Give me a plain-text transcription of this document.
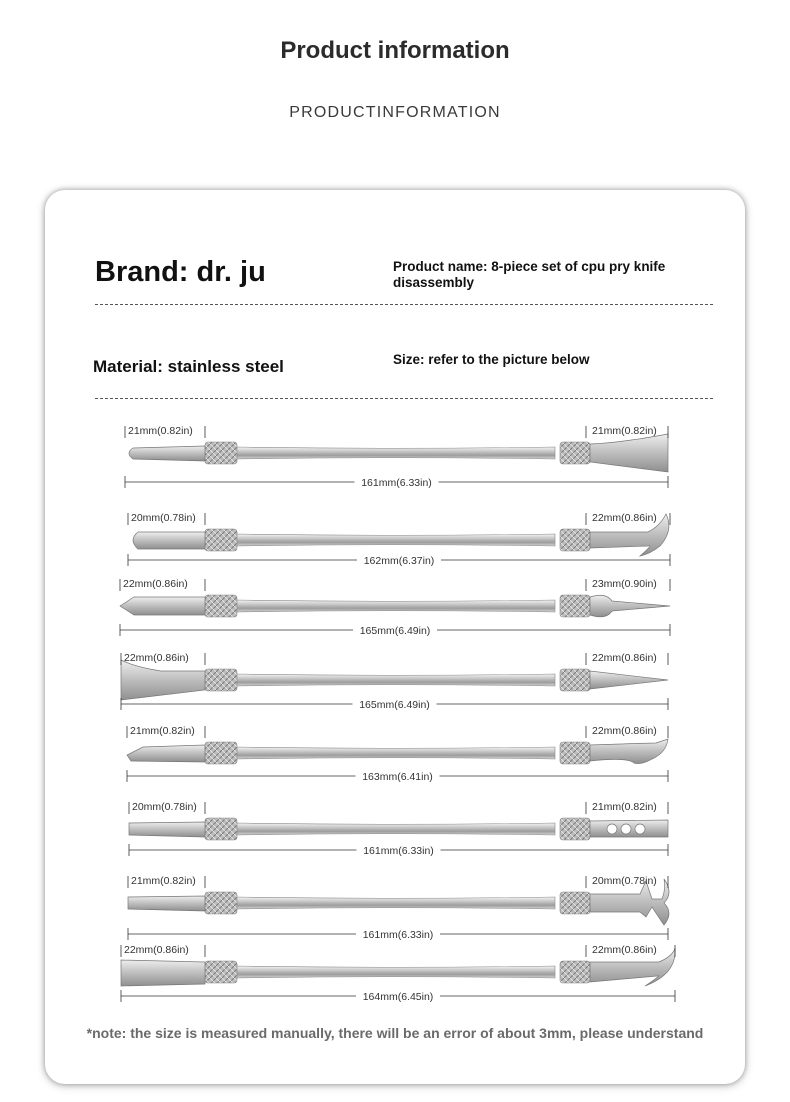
Product information
PRODUCTINFORMATION
Brand: dr. ju	Product name: 8-piece set of cpu pry knife disassembly
Material: stainless steel	Size: refer to the picture below
21mm(0.82in)	21mm(0.82in)
161mm(6.33in)
20mm(0.78in)	22mm(0.86in)
162mm(6.37in)
22mm(0.86in)	23mm(0.90in)
165mm(6.49in)
22mm(0.86in)	22mm(0.86in)
165mm(6.49in)
21mm(0.82in)	22mm(0.86in)
163mm(6.41in)
20mm(0.78in)	21mm(0.82in)
161mm(6.33in)
21mm(0.82in)	20mm(0.78in)
161mm(6.33in)
22mm(0.86in)	22mm(0.86in)
164mm(6.45in)
*note: the size is measured manually, there will be an error of about 3mm, please understand
